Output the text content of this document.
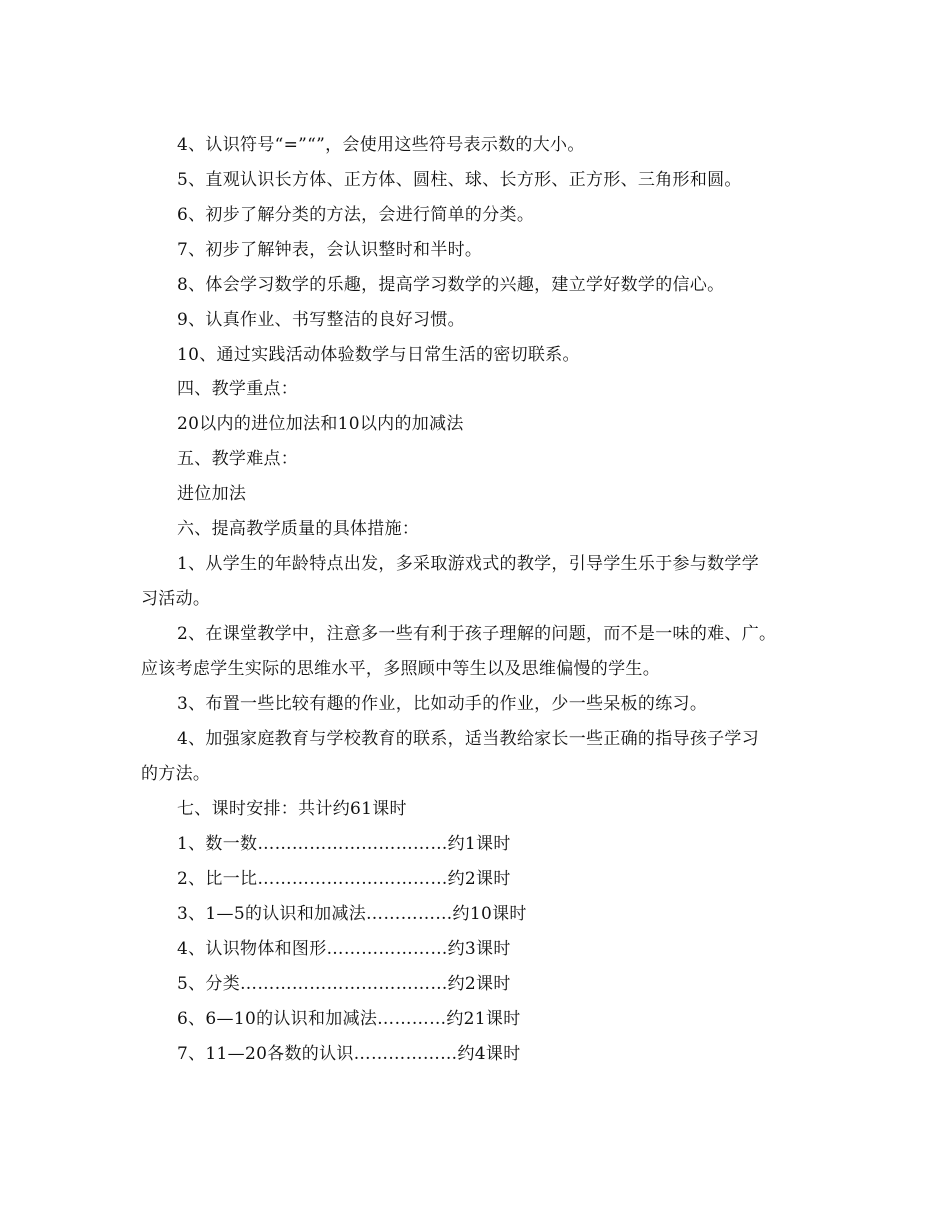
4、认识符号“=”“”，会使用这些符号表示数的大小。
5、直观认识长方体、正方体、圆柱、球、长方形、正方形、三角形和圆。
6、初步了解分类的方法，会进行简单的分类。
7、初步了解钟表，会认识整时和半时。
8、体会学习数学的乐趣，提高学习数学的兴趣，建立学好数学的信心。
9、认真作业、书写整洁的良好习惯。
10、通过实践活动体验数学与日常生活的密切联系。
四、教学重点：
20以内的进位加法和10以内的加减法
五、教学难点：
进位加法
六、提高教学质量的具体措施：
1、从学生的年龄特点出发，多采取游戏式的教学，引导学生乐于参与数学学
习活动。
2、在课堂教学中，注意多一些有利于孩子理解的问题，而不是一味的难、广。
应该考虑学生实际的思维水平，多照顾中等生以及思维偏慢的学生。
3、布置一些比较有趣的作业，比如动手的作业，少一些呆板的练习。
4、加强家庭教育与学校教育的联系，适当教给家长一些正确的指导孩子学习
的方法。
七、课时安排：共计约61课时
1、数一数……………………………约1课时
2、比一比……………………………约2课时
3、1—5的认识和加减法……………约10课时
4、认识物体和图形…………………约3课时
5、分类………………………………约2课时
6、6—10的认识和加减法…………约21课时
7、11—20各数的认识………………约4课时
